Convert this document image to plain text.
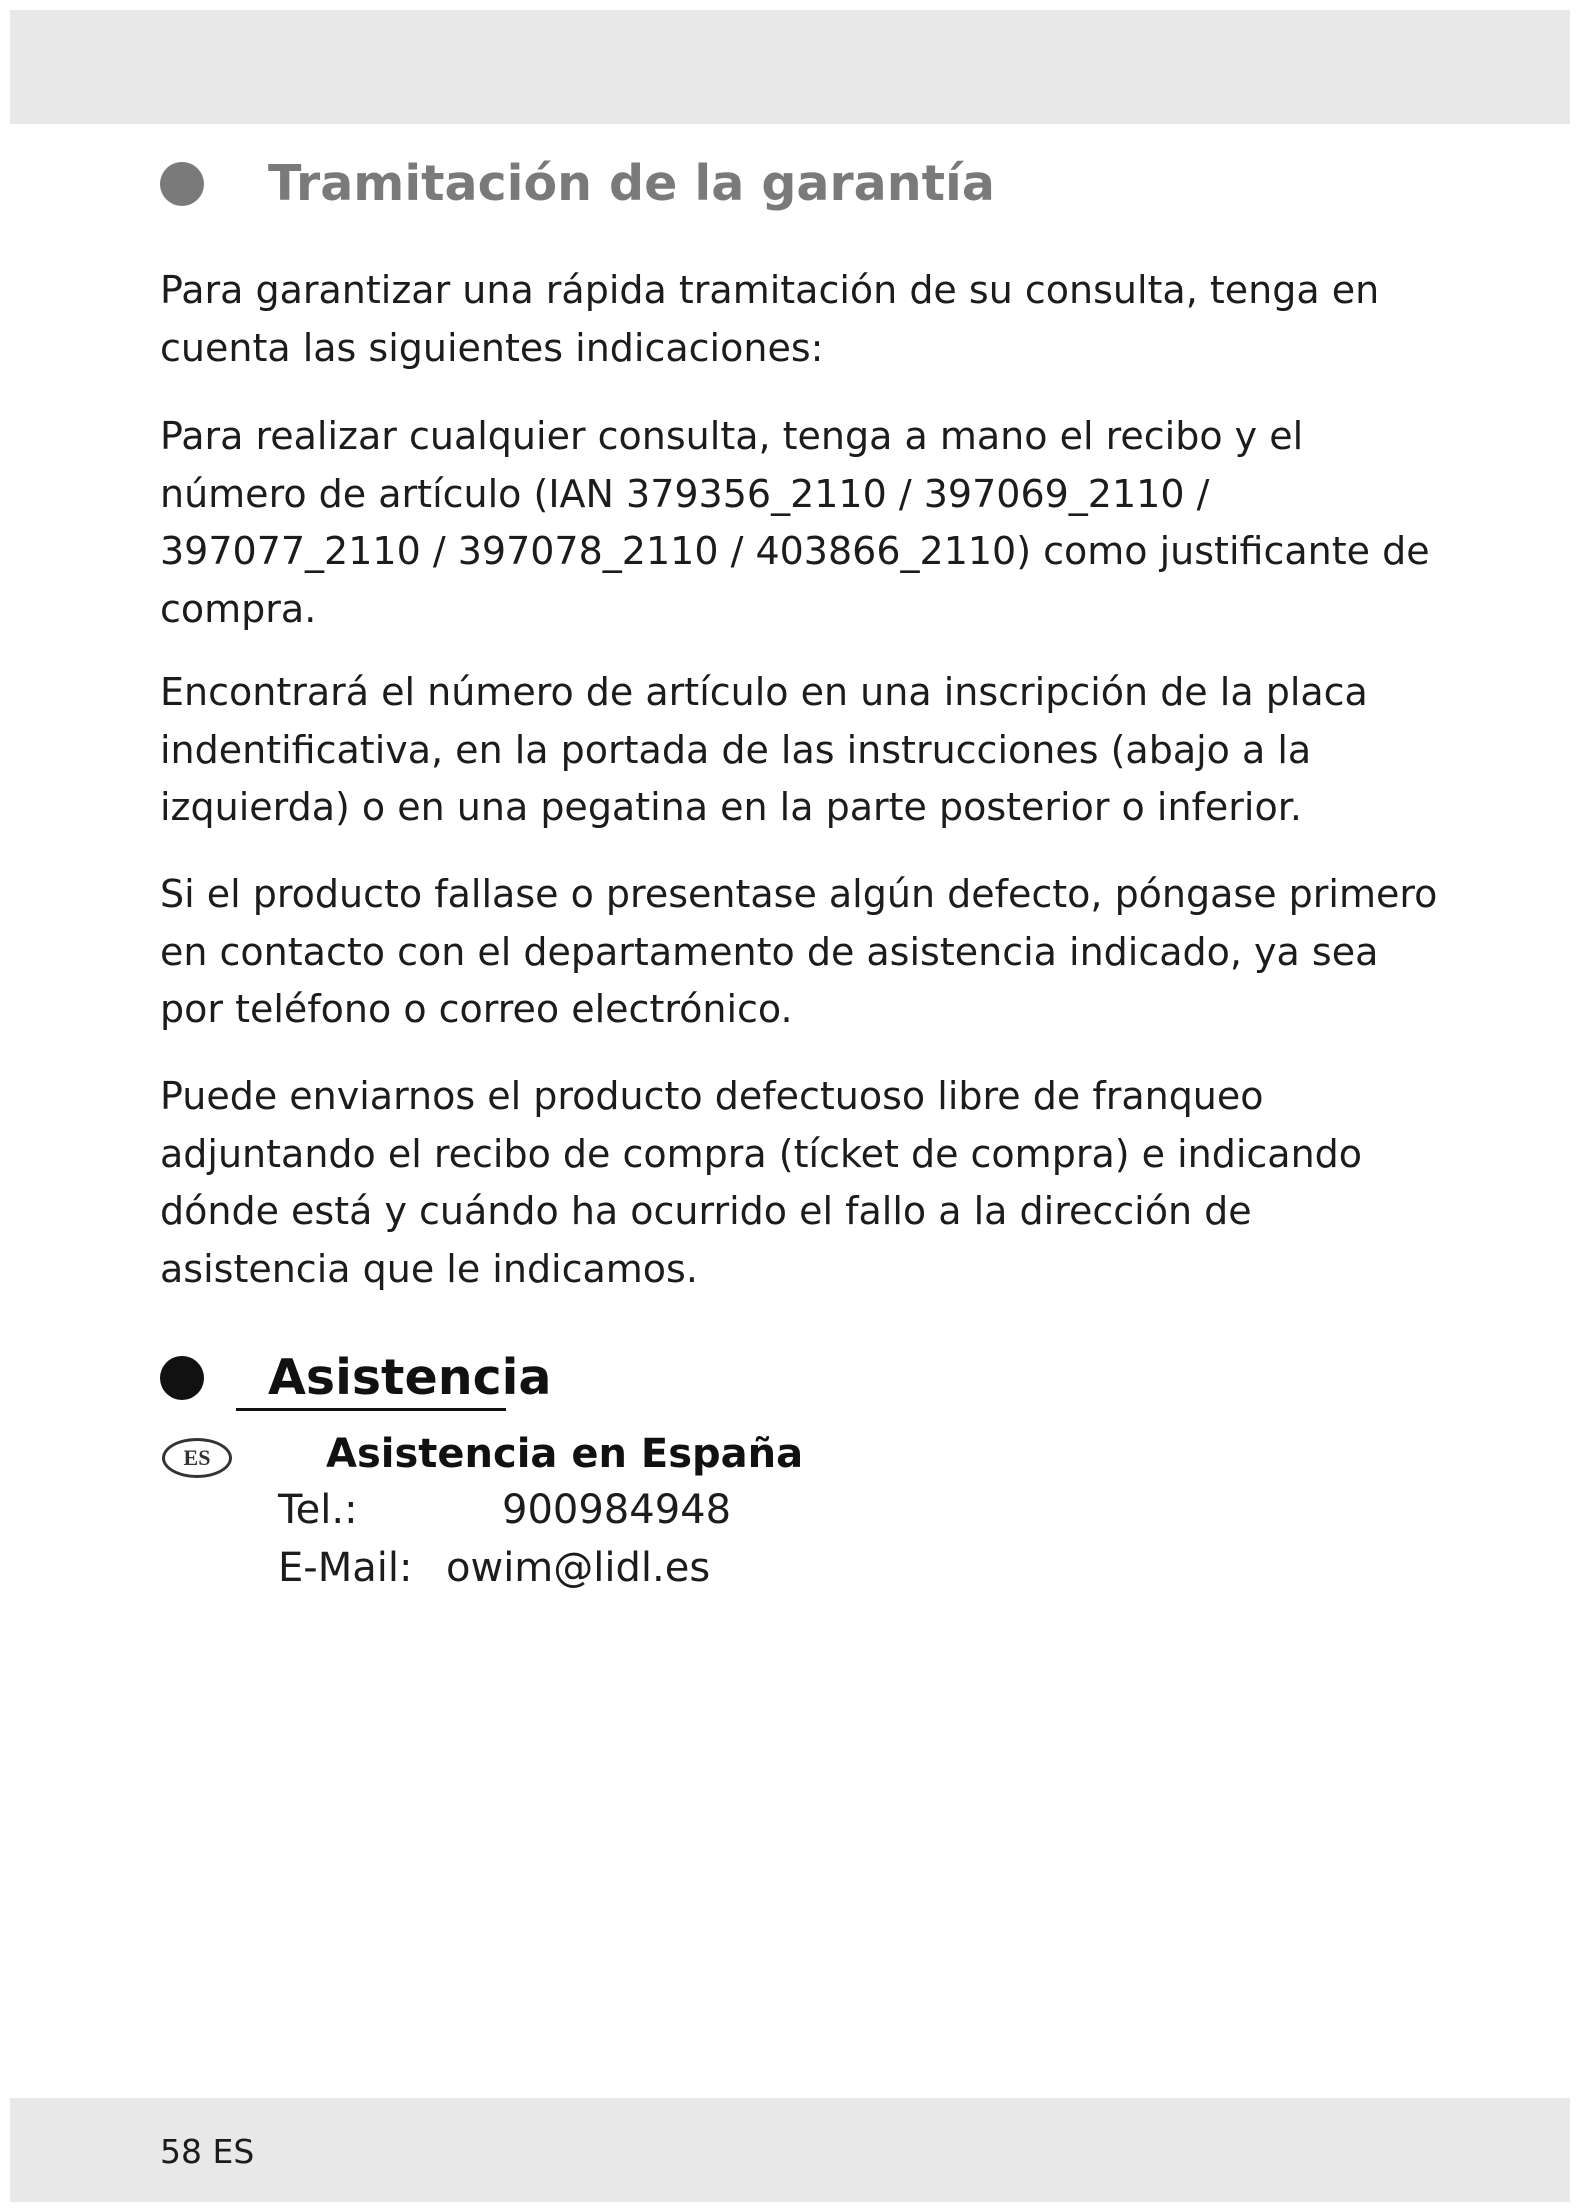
Tramitación de la garantía

Para garantizar una rápida tramitación de su consulta, tenga en cuenta las siguientes indicaciones:

Para realizar cualquier consulta, tenga a mano el recibo y el número de artículo (IAN 379356_2110 / 397069_2110 / 397077_2110 / 397078_2110 / 403866_2110) como justificante de compra.

Encontrará el número de artículo en una inscripción de la placa indentificativa, en la portada de las instrucciones (abajo a la izquierda) o en una pegatina en la parte posterior o inferior.

Si el producto fallase o presentase algún defecto, póngase primero en contacto con el departamento de asistencia indicado, ya sea por teléfono o correo electrónico.

Puede enviarnos el producto defectuoso libre de franqueo adjuntando el recibo de compra (tícket de compra) e indicando dónde está y cuándo ha ocurrido el fallo a la dirección de asistencia que le indicamos.

Asistencia
ES	Asistencia en España
Tel.:	900984948
E-Mail: owim@lidl.es
58 ES
